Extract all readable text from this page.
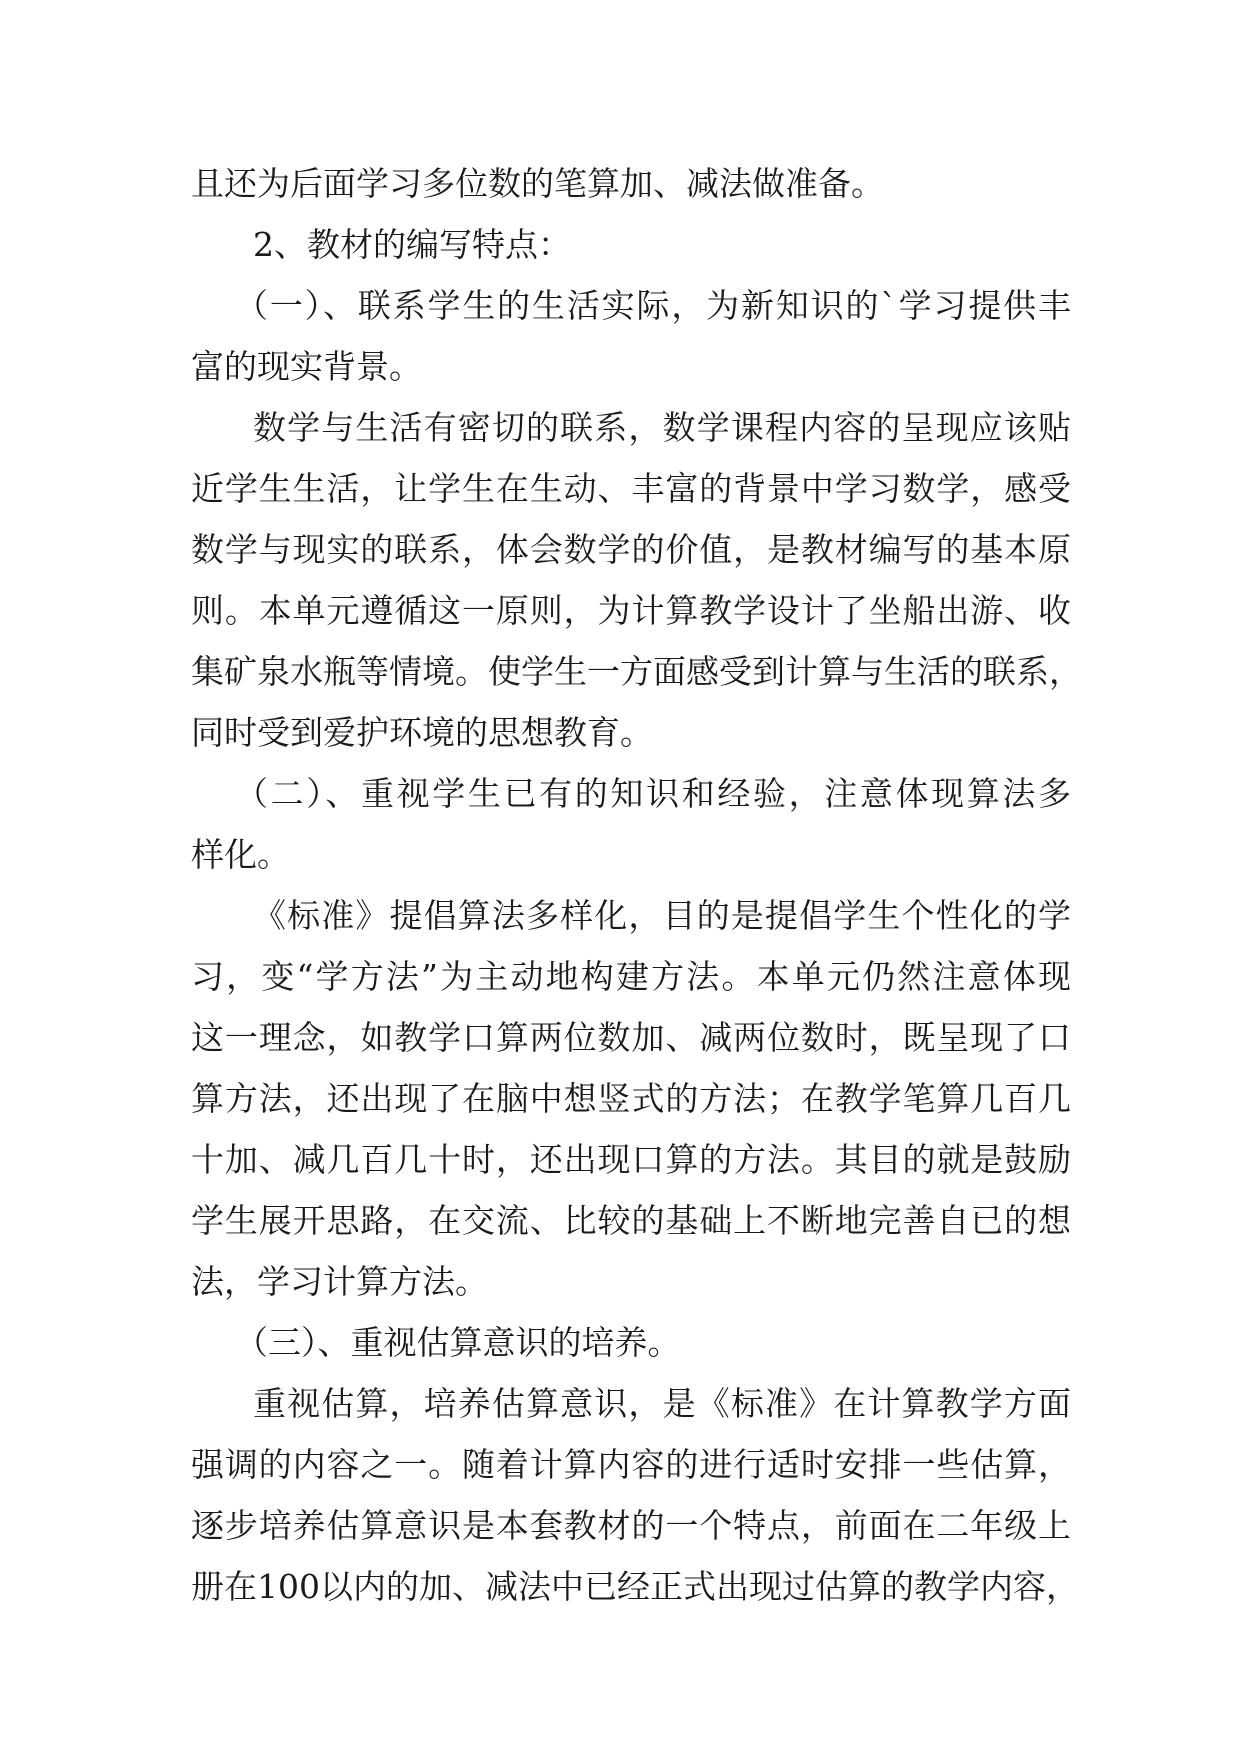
且还为后面学习多位数的笔算加、减法做准备。
2、教材的编写特点：
（一）、联系学生的生活实际，为新知识的`学习提供丰
富的现实背景。
数学与生活有密切的联系，数学课程内容的呈现应该贴
近学生生活，让学生在生动、丰富的背景中学习数学，感受
数学与现实的联系，体会数学的价值，是教材编写的基本原
则。本单元遵循这一原则，为计算教学设计了坐船出游、收
集矿泉水瓶等情境。使学生一方面感受到计算与生活的联系，
同时受到爱护环境的思想教育。
（二）、重视学生已有的知识和经验，注意体现算法多
样化。
《标准》提倡算法多样化，目的是提倡学生个性化的学
习，变“学方法”为主动地构建方法。本单元仍然注意体现
这一理念，如教学口算两位数加、减两位数时，既呈现了口
算方法，还出现了在脑中想竖式的方法；在教学笔算几百几
十加、减几百几十时，还出现口算的方法。其目的就是鼓励
学生展开思路，在交流、比较的基础上不断地完善自已的想
法，学习计算方法。
（三）、重视估算意识的培养。
重视估算，培养估算意识，是《标准》在计算教学方面
强调的内容之一。随着计算内容的进行适时安排一些估算，
逐步培养估算意识是本套教材的一个特点，前面在二年级上
册在100以内的加、减法中已经正式出现过估算的教学内容，
